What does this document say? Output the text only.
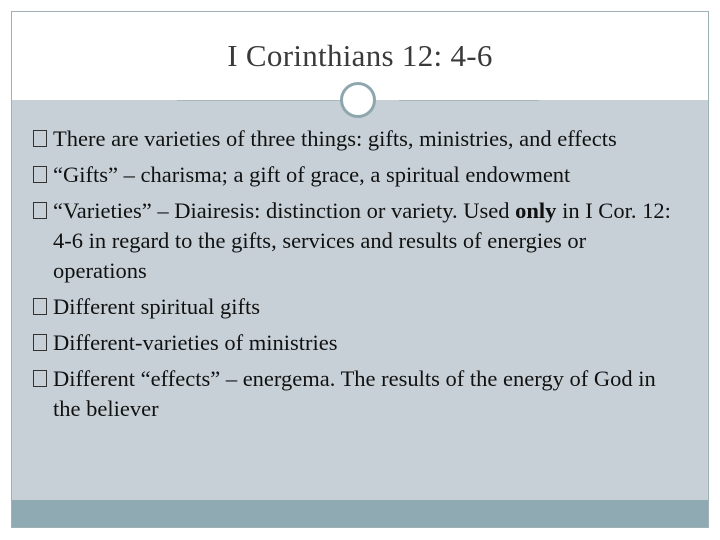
I Corinthians 12: 4-6
There are varieties of three things: gifts, ministries, and effects
“Gifts” – charisma; a gift of grace, a spiritual endowment
“Varieties” – Diairesis: distinction or variety. Used only in I Cor. 12: 4-6 in regard to the gifts, services and results of energies or operations
Different spiritual gifts
Different-varieties of ministries
Different “effects” – energema. The results of the energy of God in the believer
